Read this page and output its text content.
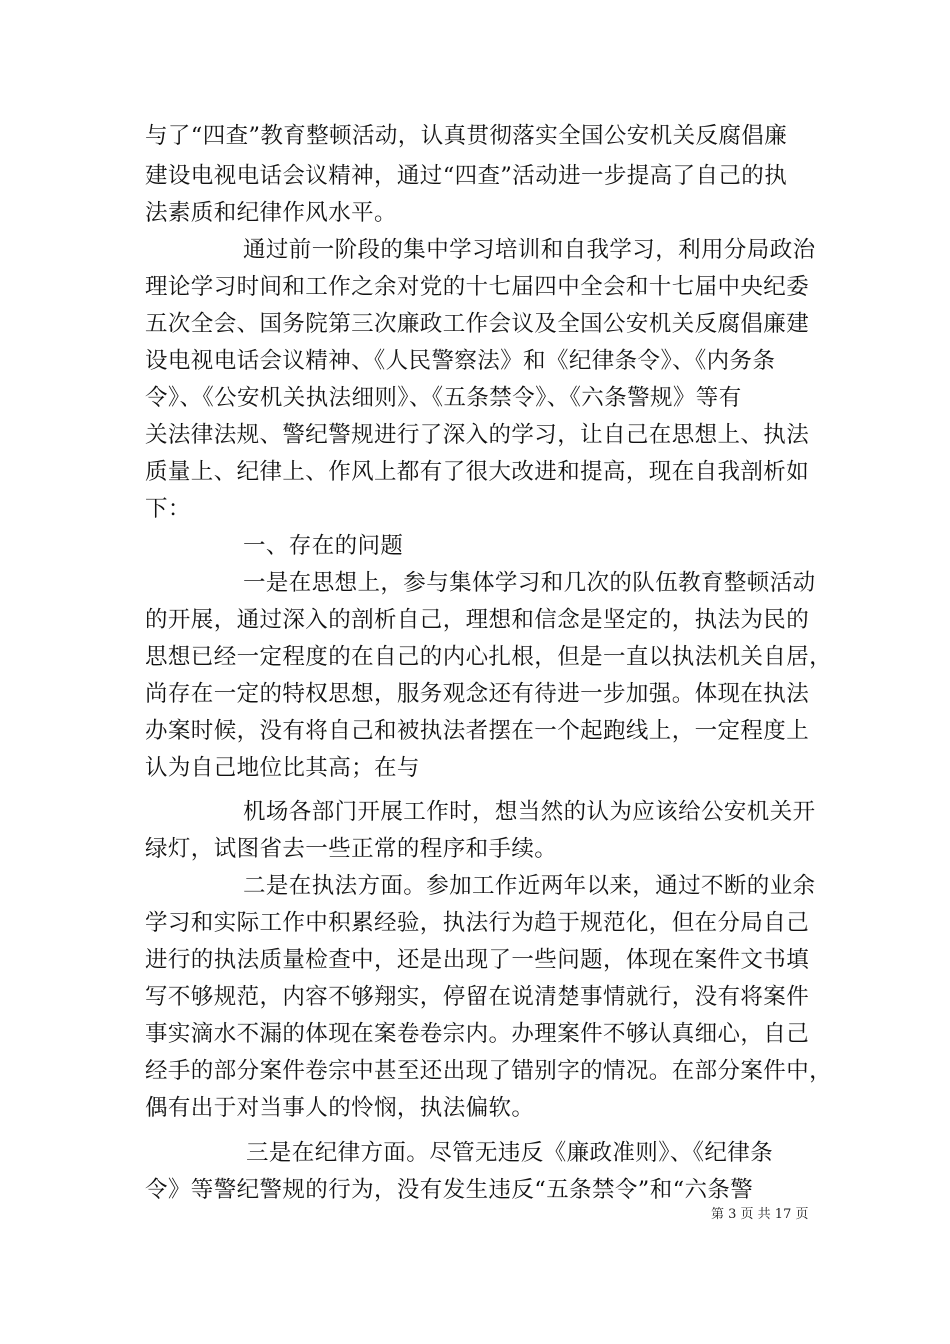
与了“四查”教育整顿活动，认真贯彻落实全国公安机关反腐倡廉
建设电视电话会议精神，通过“四查”活动进一步提高了自己的执
法素质和纪律作风水平。
通过前一阶段的集中学习培训和自我学习，利用分局政治
理论学习时间和工作之余对党的十七届四中全会和十七届中央纪委
五次全会、国务院第三次廉政工作会议及全国公安机关反腐倡廉建
设电视电话会议精神、《人民警察法》和《纪律条令》、《内务条
令》、《公安机关执法细则》、《五条禁令》、《六条警规》等有
关法律法规、警纪警规进行了深入的学习，让自己在思想上、执法
质量上、纪律上、作风上都有了很大改进和提高，现在自我剖析如
下：
一、存在的问题
一是在思想上，参与集体学习和几次的队伍教育整顿活动
的开展，通过深入的剖析自己，理想和信念是坚定的，执法为民的
思想已经一定程度的在自己的内心扎根，但是一直以执法机关自居，
尚存在一定的特权思想，服务观念还有待进一步加强。体现在执法
办案时候，没有将自己和被执法者摆在一个起跑线上，一定程度上
认为自己地位比其高；在与
机场各部门开展工作时，想当然的认为应该给公安机关开
绿灯，试图省去一些正常的程序和手续。
二是在执法方面。参加工作近两年以来，通过不断的业余
学习和实际工作中积累经验，执法行为趋于规范化，但在分局自己
进行的执法质量检查中，还是出现了一些问题，体现在案件文书填
写不够规范，内容不够翔实，停留在说清楚事情就行，没有将案件
事实滴水不漏的体现在案卷卷宗内。办理案件不够认真细心，自己
经手的部分案件卷宗中甚至还出现了错别字的情况。在部分案件中，
偶有出于对当事人的怜悯，执法偏软。
三是在纪律方面。尽管无违反《廉政准则》、《纪律条
令》等警纪警规的行为，没有发生违反“五条禁令”和“六条警
第 3 页 共 17 页
